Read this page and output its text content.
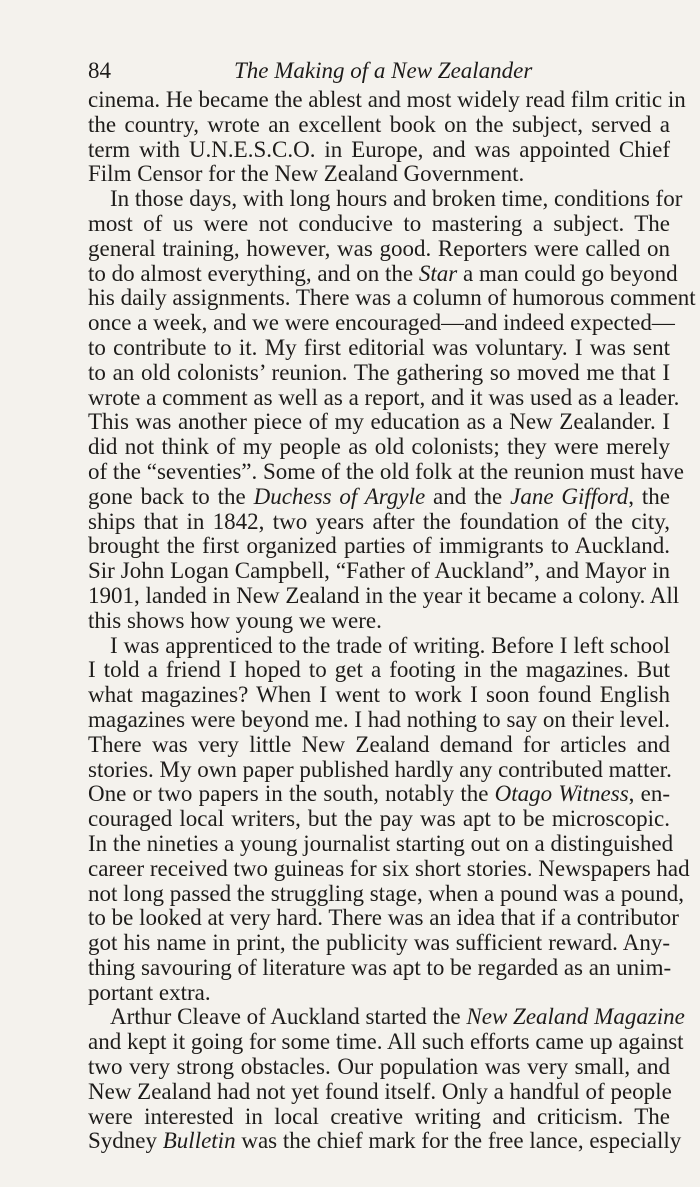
84	The Making of a New Zealander
cinema. He became the ablest and most widely read film critic in
the country, wrote an excellent book on the subject, served a
term with U.N.E.S.C.O. in Europe, and was appointed Chief
Film Censor for the New Zealand Government.
In those days, with long hours and broken time, conditions for
most of us were not conducive to mastering a subject. The
general training, however, was good. Reporters were called on
to do almost everything, and on the Star a man could go beyond
his daily assignments. There was a column of humorous comment
once a week, and we were encouraged—and indeed expected—
to contribute to it. My first editorial was voluntary. I was sent
to an old colonists’ reunion. The gathering so moved me that I
wrote a comment as well as a report, and it was used as a leader.
This was another piece of my education as a New Zealander. I
did not think of my people as old colonists; they were merely
of the “seventies”. Some of the old folk at the reunion must have
gone back to the Duchess of Argyle and the Jane Gifford, the
ships that in 1842, two years after the foundation of the city,
brought the first organized parties of immigrants to Auckland.
Sir John Logan Campbell, “Father of Auckland”, and Mayor in
1901, landed in New Zealand in the year it became a colony. All
this shows how young we were.
I was apprenticed to the trade of writing. Before I left school
I told a friend I hoped to get a footing in the magazines. But
what magazines? When I went to work I soon found English
magazines were beyond me. I had nothing to say on their level.
There was very little New Zealand demand for articles and
stories. My own paper published hardly any contributed matter.
One or two papers in the south, notably the Otago Witness, en-
couraged local writers, but the pay was apt to be microscopic.
In the nineties a young journalist starting out on a distinguished
career received two guineas for six short stories. Newspapers had
not long passed the struggling stage, when a pound was a pound,
to be looked at very hard. There was an idea that if a contributor
got his name in print, the publicity was sufficient reward. Any-
thing savouring of literature was apt to be regarded as an unim-
portant extra.
Arthur Cleave of Auckland started the New Zealand Magazine
and kept it going for some time. All such efforts came up against
two very strong obstacles. Our population was very small, and
New Zealand had not yet found itself. Only a handful of people
were interested in local creative writing and criticism. The
Sydney Bulletin was the chief mark for the free lance, especially
